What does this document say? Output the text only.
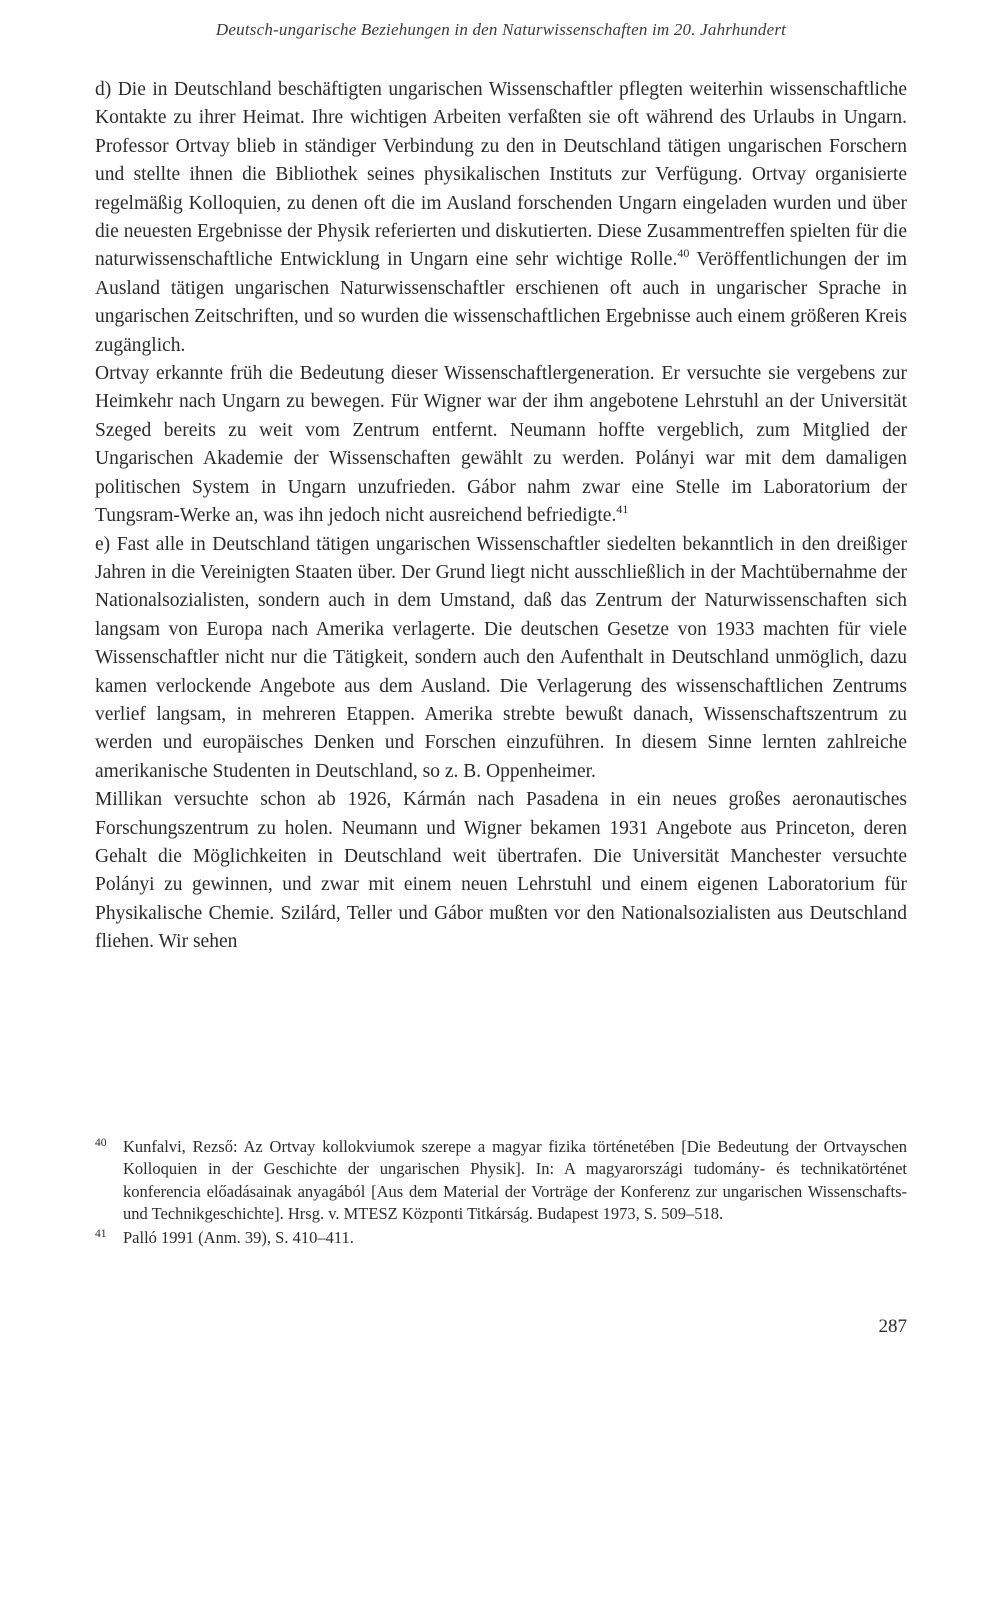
Deutsch-ungarische Beziehungen in den Naturwissenschaften im 20. Jahrhundert

d) Die in Deutschland beschäftigten ungarischen Wissenschaftler pflegten weiterhin wissenschaftliche Kontakte zu ihrer Heimat. Ihre wichtigen Arbeiten verfaßten sie oft während des Urlaubs in Ungarn. Professor Ortvay blieb in ständiger Verbindung zu den in Deutschland tätigen ungarischen Forschern und stellte ihnen die Bibliothek seines physikalischen Instituts zur Verfügung. Ortvay organisierte regelmäßig Kolloquien, zu denen oft die im Ausland forschenden Ungarn eingeladen wurden und über die neuesten Ergebnisse der Physik referierten und diskutierten. Diese Zusammentreffen spielten für die naturwissenschaftliche Entwicklung in Ungarn eine sehr wichtige Rolle.$^{40}$ Veröffentlichungen der im Ausland tätigen ungarischen Naturwissenschaftler erschienen oft auch in ungarischer Sprache in ungarischen Zeitschriften, und so wurden die wissenschaftlichen Ergebnisse auch einem größeren Kreis zugänglich.

Ortvay erkannte früh die Bedeutung dieser Wissenschaftlergeneration. Er versuchte sie vergebens zur Heimkehr nach Ungarn zu bewegen. Für Wigner war der ihm angebotene Lehrstuhl an der Universität Szeged bereits zu weit vom Zentrum entfernt. Neumann hoffte vergeblich, zum Mitglied der Ungarischen Akademie der Wissenschaften gewählt zu werden. Polányi war mit dem damaligen politischen System in Ungarn unzufrieden. Gábor nahm zwar eine Stelle im Laboratorium der Tungsram-Werke an, was ihn jedoch nicht ausreichend befriedigte.$^{41}$

e) Fast alle in Deutschland tätigen ungarischen Wissenschaftler siedelten bekanntlich in den dreißiger Jahren in die Vereinigten Staaten über. Der Grund liegt nicht ausschließlich in der Machtübernahme der Nationalsozialisten, sondern auch in dem Umstand, daß das Zentrum der Naturwissenschaften sich langsam von Europa nach Amerika verlagerte. Die deutschen Gesetze von 1933 machten für viele Wissenschaftler nicht nur die Tätigkeit, sondern auch den Aufenthalt in Deutschland unmöglich, dazu kamen verlockende Angebote aus dem Ausland. Die Verlagerung des wissenschaftlichen Zentrums verlief langsam, in mehreren Etappen. Amerika strebte bewußt danach, Wissenschaftszentrum zu werden und europäisches Denken und Forschen einzuführen. In diesem Sinne lernten zahlreiche amerikanische Studenten in Deutschland, so z. B. Oppenheimer.

Millikan versuchte schon ab 1926, Kármán nach Pasadena in ein neues großes aeronautisches Forschungszentrum zu holen. Neumann und Wigner bekamen 1931 Angebote aus Princeton, deren Gehalt die Möglichkeiten in Deutschland weit übertrafen. Die Universität Manchester versuchte Polányi zu gewinnen, und zwar mit einem neuen Lehrstuhl und einem eigenen Laboratorium für Physikalische Chemie. Szilárd, Teller und Gábor mußten vor den Nationalsozialisten aus Deutschland fliehen. Wir sehen

40 Kunfalvi, Rezső: Az Ortvay kollokviumok szerepe a magyar fizika történetében [Die Bedeutung der Ortvayschen Kolloquien in der Geschichte der ungarischen Physik]. In: A magyarországi tudomány- és technikatörténet konferencia előadásainak anyagából [Aus dem Material der Vorträge der Konferenz zur ungarischen Wissenschafts- und Technikgeschichte]. Hrsg. v. MTESZ Központi Titkárság. Budapest 1973, S. 509–518.
41 Palló 1991 (Anm. 39), S. 410–411.
287
